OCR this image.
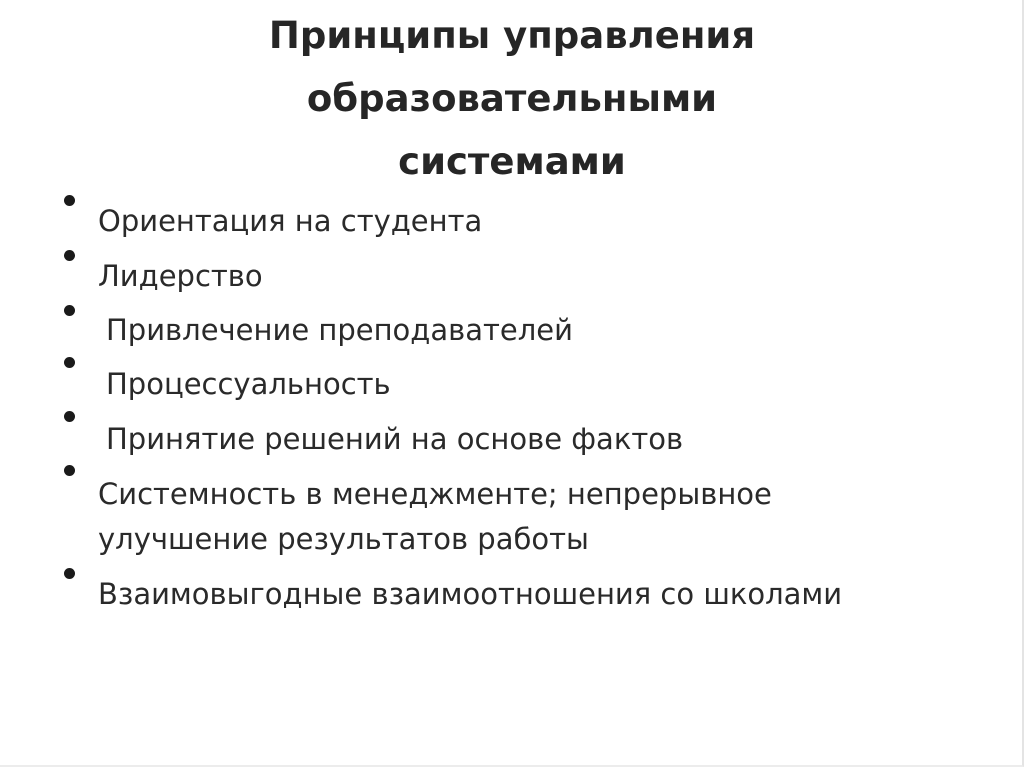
Принципы управления
образовательными
системами
Ориентация на студента
Лидерство
Привлечение преподавателей
Процессуальность
Принятие решений на основе фактов
Системность в менеджменте; непрерывное
улучшение результатов работы
Взаимовыгодные взаимоотношения со школами
